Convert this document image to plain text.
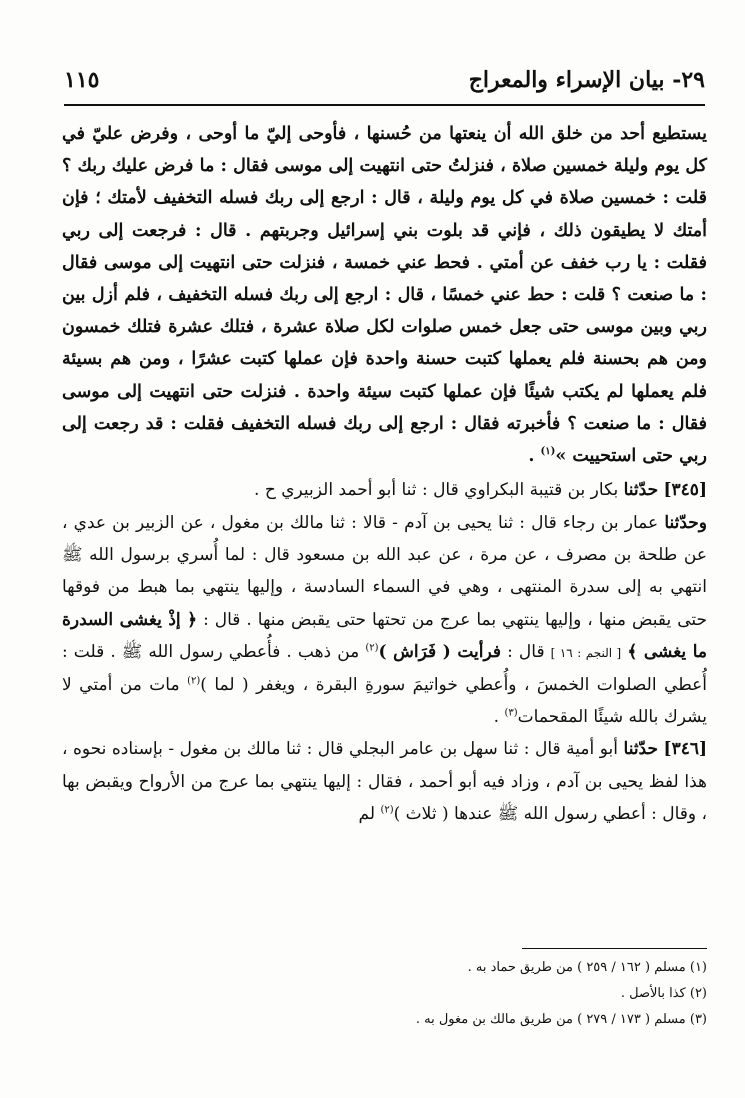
٢٩- بيان الإسراء والمعراج
١١٥

يستطيع أحد من خلق الله أن ينعتها من حُسنها ، فأوحى إليّ ما أوحى ، وفرض عليّ في كل يوم وليلة خمسين صلاة ، فنزلتُ حتى انتهيت إلى موسى فقال : ما فرض عليك ربك ؟ قلت : خمسين صلاة في كل يوم وليلة ، قال : ارجع إلى ربك فسله التخفيف لأمتك ؛ فإن أمتك لا يطيقون ذلك ، فإني قد بلوت بني إسرائيل وجربتهم . قال : فرجعت إلى ربي فقلت : يا رب خفف عن أمتي . فحط عني خمسة ، فنزلت حتى انتهيت إلى موسى فقال : ما صنعت ؟ قلت : حط عني خمسًا ، قال : ارجع إلى ربك فسله التخفيف ، فلم أزل بين ربي وبين موسى حتى جعل خمس صلوات لكل صلاة عشرة ، فتلك عشرة فتلك خمسون ومن هم بحسنة فلم يعملها كتبت حسنة واحدة فإن عملها كتبت عشرًا ، ومن هم بسيئة فلم يعملها لم يكتب شيئًا فإن عملها كتبت سيئة واحدة . فنزلت حتى انتهيت إلى موسى فقال : ما صنعت ؟ فأخبرته فقال : ارجع إلى ربك فسله التخفيف فقلت : قد رجعت إلى ربي حتى استحييت »$^{(١)}$ .

[٣٤٥] حدّثنا بكار بن قتيبة البكراوي قال : ثنا أبو أحمد الزبيري ح .

وحدّثنا عمار بن رجاء قال : ثنا يحيى بن آدم - قالا : ثنا مالك بن مغول ، عن الزبير بن عدي ، عن طلحة بن مصرف ، عن مرة ، عن عبد الله بن مسعود قال : لما أُسري برسول الله ﷺ انتهي به إلى سدرة المنتهى ، وهي في السماء السادسة ، وإليها ينتهي بما هبط من فوقها حتى يقبض منها ، وإليها ينتهي بما عرج من تحتها حتى يقبض منها . قال : ﴿ إذْ يغشى السدرة ما يغشى ﴾ [ النجم : ١٦ ] قال : فرأيت ( فَرَاش )$^{(٢)}$ من ذهب . فأُعطي رسول الله ﷺ . قلت : أُعطي الصلوات الخمسَ ، وأُعطي خواتيمَ سورةِ البقرة ، ويغفر ( لما )$^{(٢)}$ مات من أمتي لا يشرك بالله شيئًا المقحمات$^{(٣)}$ .

[٣٤٦] حدّثنا أبو أمية قال : ثنا سهل بن عامر البجلي قال : ثنا مالك بن مغول - بإسناده نحوه ، هذا لفظ يحيى بن آدم ، وزاد فيه أبو أحمد ، فقال : إليها ينتهي بما عرج من الأرواح ويقبض بها ، وقال : أعطي رسول الله ﷺ عندها ( ثلاث )$^{(٢)}$ لم

(١) مسلم ( ١٦٢ / ٢٥٩ ) من طريق حماد به .

(٢) كذا بالأصل .

(٣) مسلم ( ١٧٣ / ٢٧٩ ) من طريق مالك بن مغول به .
